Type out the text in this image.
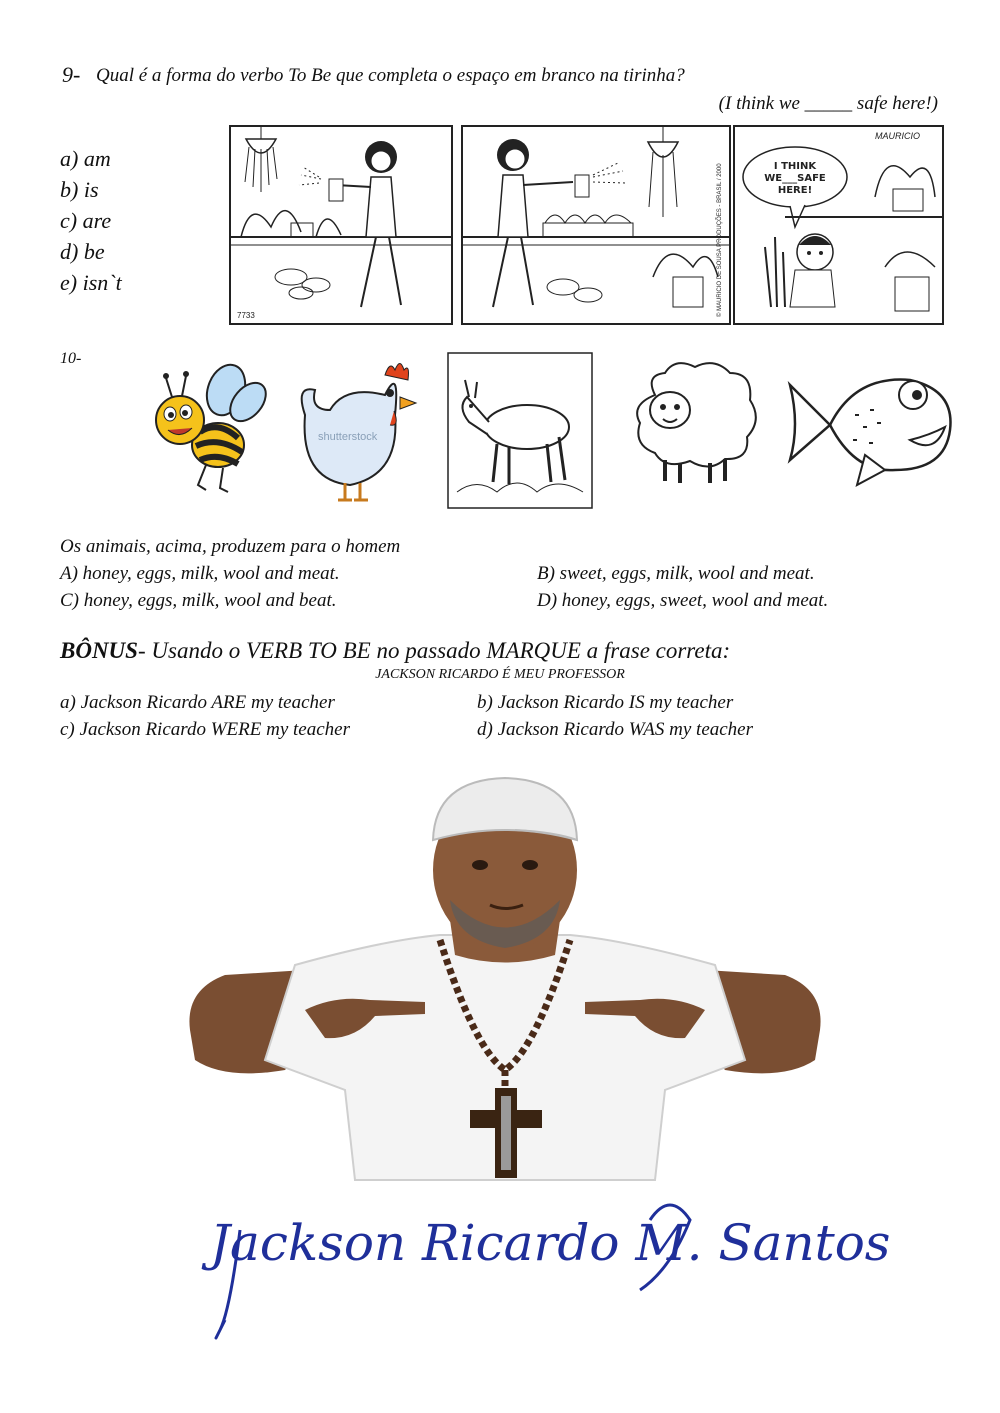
9- Qual é a forma do verbo To Be que completa o espaço em branco na tirinha?
(I think we _____ safe here!)
a) am
b) is
c) are
d) be
e) isn`t
7733	© MAURICIO DE SOUSA PRODUÇÕES - BRASIL / 2000
MAURICIO
I THINK
WE___SAFE
HERE!
10-
shutterstock
Os animais, acima, produzem para o homem
A) honey, eggs, milk, wool and meat.	B) sweet, eggs, milk, wool and meat.
C) honey, eggs, milk, wool and beat.	D) honey, eggs, sweet, wool and meat.
BÔNUS- Usando o VERB TO BE no passado MARQUE a frase correta:
JACKSON RICARDO É MEU PROFESSOR
a) Jackson Ricardo ARE my teacher	b) Jackson Ricardo IS my teacher
c) Jackson Ricardo WERE my teacher	d) Jackson Ricardo WAS my teacher
Jackson Ricardo M. Santos
